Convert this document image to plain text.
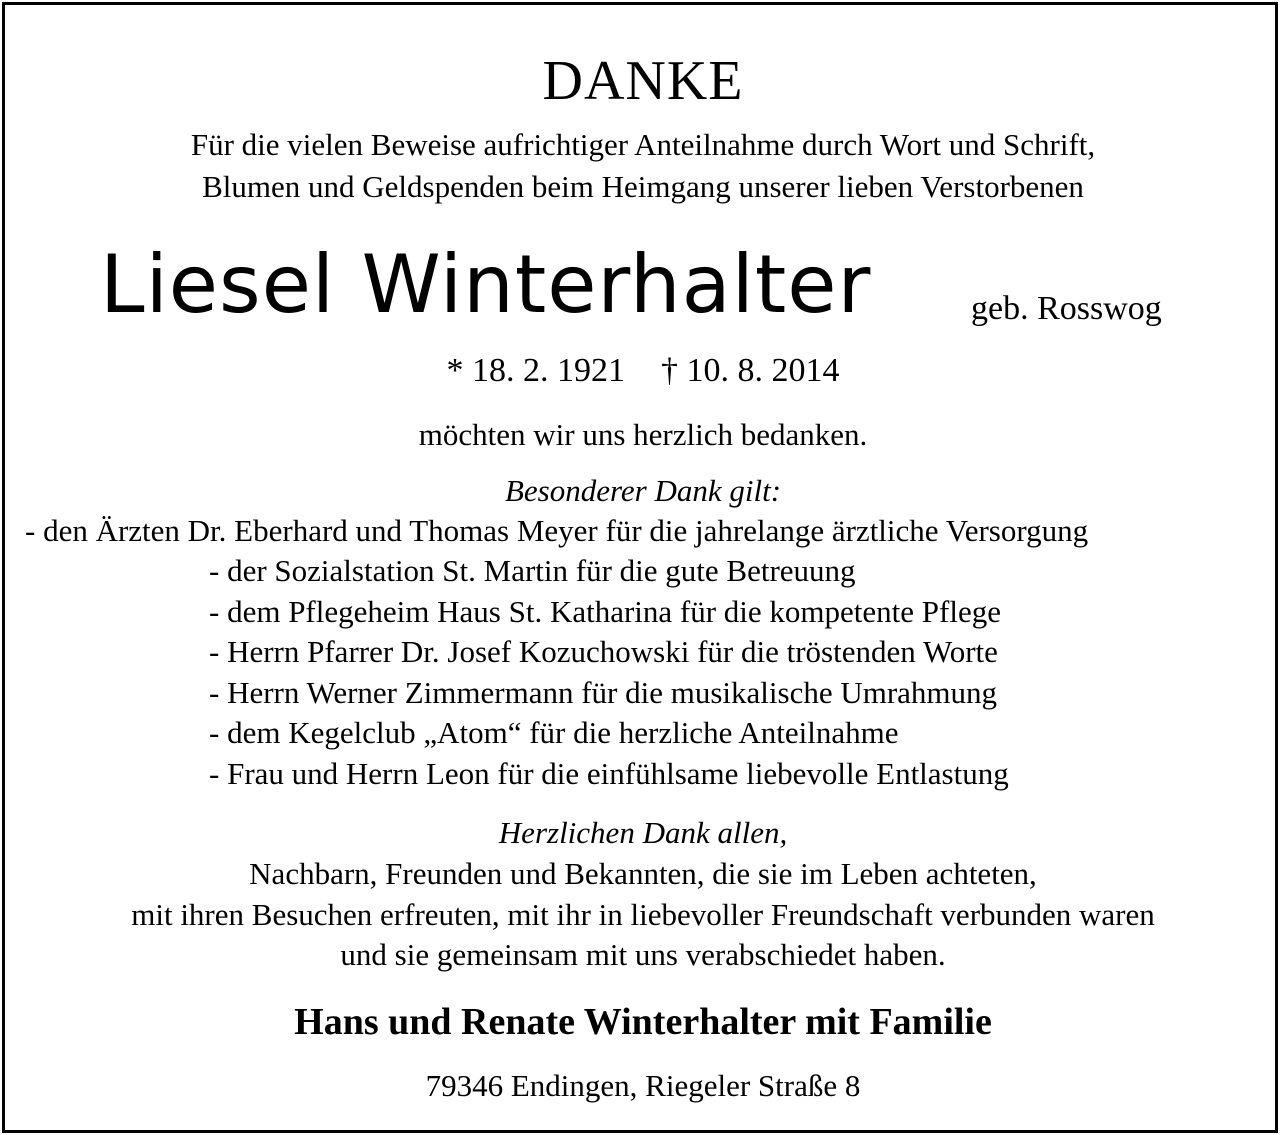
DANKE
Für die vielen Beweise aufrichtiger Anteilnahme durch Wort und Schrift,
Blumen und Geldspenden beim Heimgang unserer lieben Verstorbenen
Liesel Winterhalter	geb. Rosswog
* 18. 2. 1921 † 10. 8. 2014
möchten wir uns herzlich bedanken.
Besonderer Dank gilt:
- den Ärzten Dr. Eberhard und Thomas Meyer für die jahrelange ärztliche Versorgung
- der Sozialstation St. Martin für die gute Betreuung
- dem Pflegeheim Haus St. Katharina für die kompetente Pflege
- Herrn Pfarrer Dr. Josef Kozuchowski für die tröstenden Worte
- Herrn Werner Zimmermann für die musikalische Umrahmung
- dem Kegelclub „Atom“ für die herzliche Anteilnahme
- Frau und Herrn Leon für die einfühlsame liebevolle Entlastung
Herzlichen Dank allen,
Nachbarn, Freunden und Bekannten, die sie im Leben achteten,
mit ihren Besuchen erfreuten, mit ihr in liebevoller Freundschaft verbunden waren
und sie gemeinsam mit uns verabschiedet haben.
Hans und Renate Winterhalter mit Familie
79346 Endingen, Riegeler Straße 8
